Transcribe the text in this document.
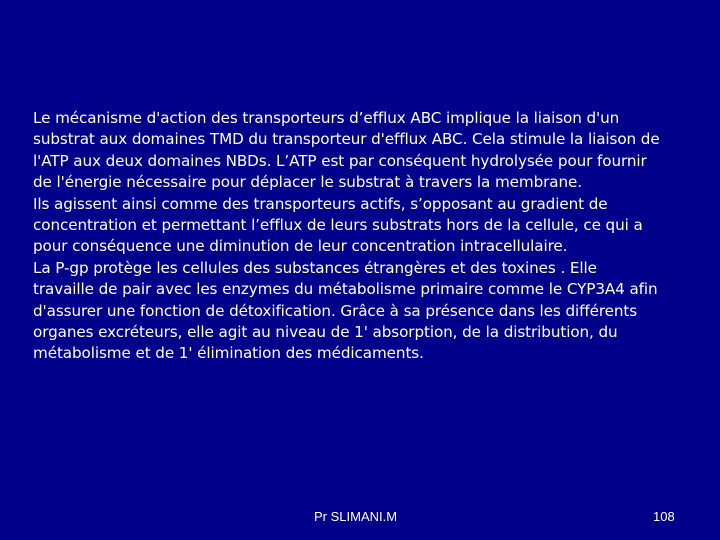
Le mécanisme d'action des transporteurs d’efflux ABC implique la liaison d'un
substrat aux domaines TMD du transporteur d'efflux ABC. Cela stimule la liaison de
l'ATP aux deux domaines NBDs. L’ATP est par conséquent hydrolysée pour fournir
de l'énergie nécessaire pour déplacer le substrat à travers la membrane.
Ils agissent ainsi comme des transporteurs actifs, s’opposant au gradient de
concentration et permettant l’efflux de leurs substrats hors de la cellule, ce qui a
pour conséquence une diminution de leur concentration intracellulaire.
La P-gp protège les cellules des substances étrangères et des toxines . Elle
travaille de pair avec les enzymes du métabolisme primaire comme le CYP3A4 afin
d'assurer une fonction de détoxification. Grâce à sa présence dans les différents
organes excréteurs, elle agit au niveau de 1' absorption, de la distribution, du
métabolisme et de 1' élimination des médicaments.
Pr SLIMANI.M	108
